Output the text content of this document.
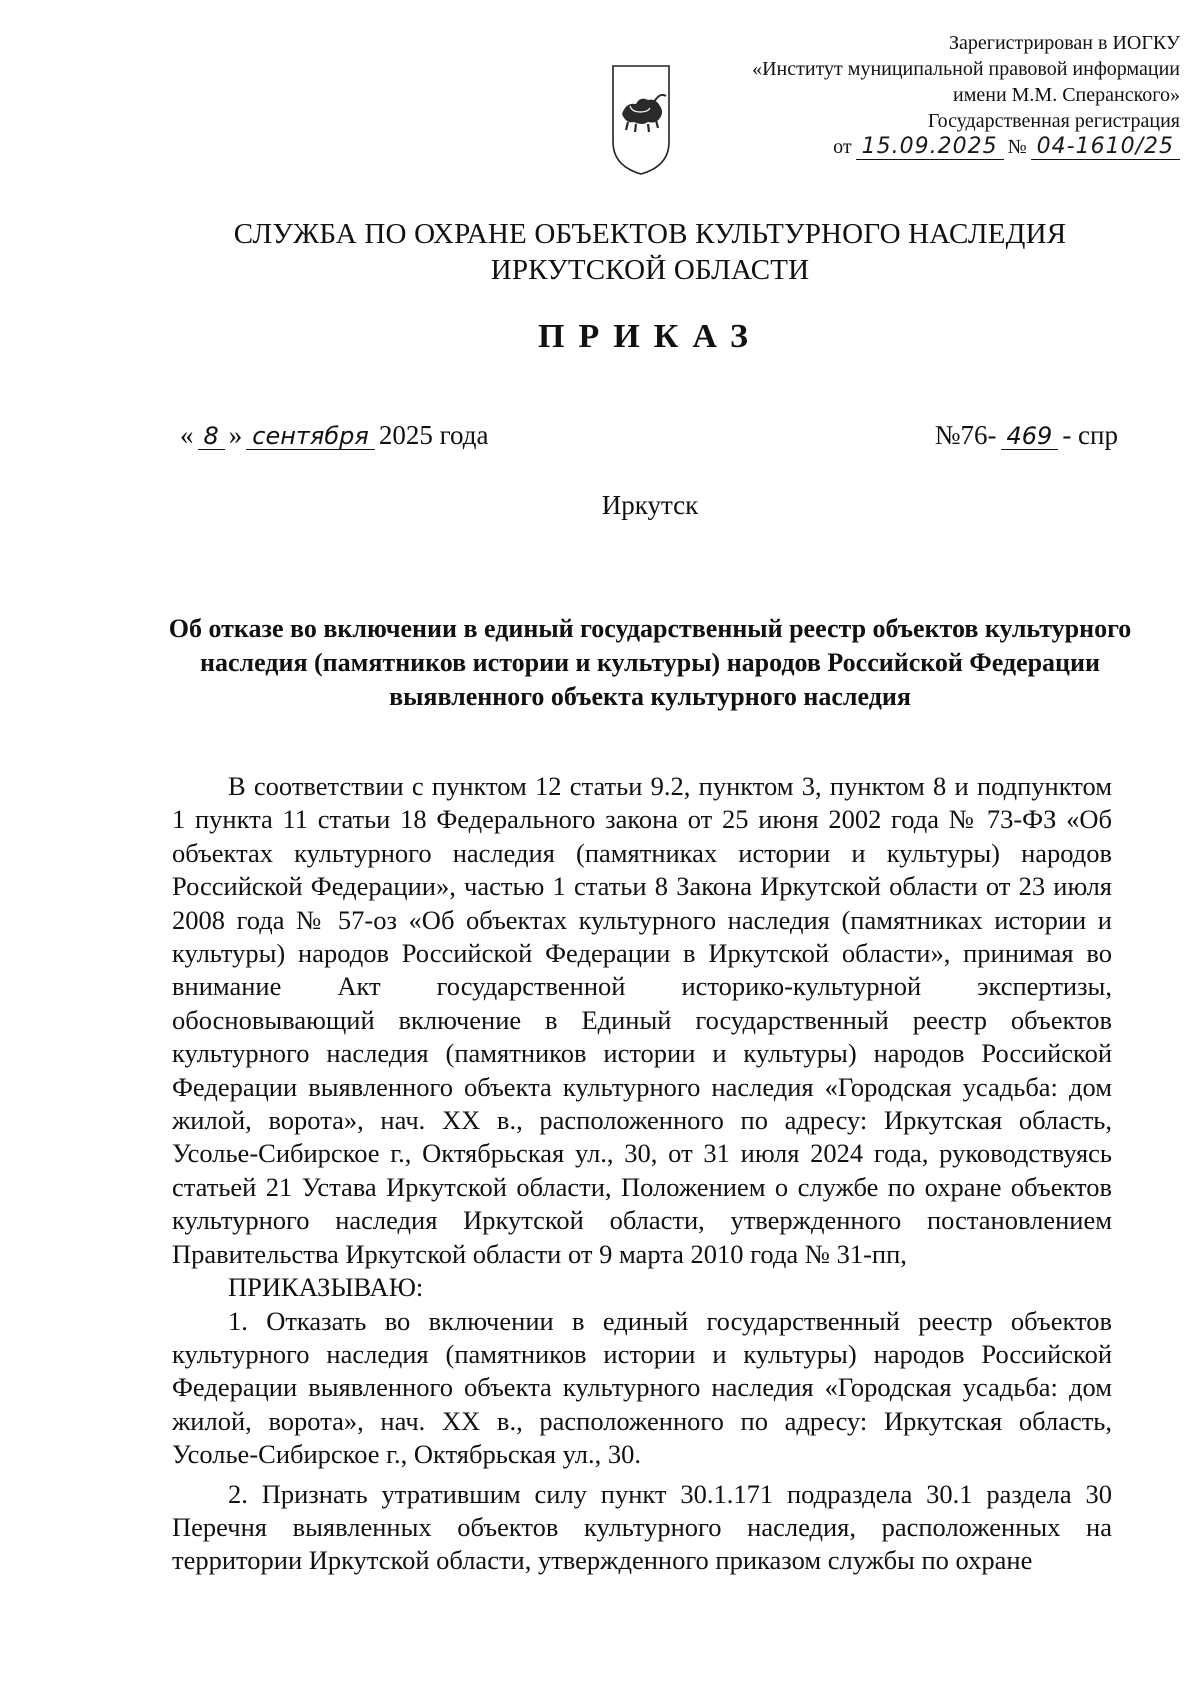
Зарегистрирован в ИОГКУ
«Институт муниципальной правовой информации
имени М.М. Сперанского»
Государственная регистрация
от 15.09.2025 № 04-1610/25
СЛУЖБА ПО ОХРАНЕ ОБЪЕКТОВ КУЛЬТУРНОГО НАСЛЕДИЯ
ИРКУТСКОЙ ОБЛАСТИ
ПРИКАЗ
« 8 » сентября 2025 года	№76- 469 - спр
Иркутск
Об отказе во включении в единый государственный реестр объектов культурного наследия (памятников истории и культуры) народов Российской Федерации выявленного объекта культурного наследия

В соответствии с пунктом 12 статьи 9.2, пунктом 3, пунктом 8 и подпунктом 1 пункта 11 статьи 18 Федерального закона от 25 июня 2002 года № 73-ФЗ «Об объектах культурного наследия (памятниках истории и культуры) народов Российской Федерации», частью 1 статьи 8 Закона Иркутской области от 23 июля 2008 года № 57-оз «Об объектах культурного наследия (памятниках истории и культуры) народов Российской Федерации в Иркутской области», принимая во внимание Акт государственной историко-культурной экспертизы, обосновывающий включение в Единый государственный реестр объектов культурного наследия (памятников истории и культуры) народов Российской Федерации выявленного объекта культурного наследия «Городская усадьба: дом жилой, ворота», нач. XX в., расположенного по адресу: Иркутская область, Усолье-Сибирское г., Октябрьская ул., 30, от 31 июля 2024 года, руководствуясь статьей 21 Устава Иркутской области, Положением о службе по охране объектов культурного наследия Иркутской области, утвержденного постановлением Правительства Иркутской области от 9 марта 2010 года № 31-пп,

ПРИКАЗЫВАЮ:

1. Отказать во включении в единый государственный реестр объектов культурного наследия (памятников истории и культуры) народов Российской Федерации выявленного объекта культурного наследия «Городская усадьба: дом жилой, ворота», нач. XX в., расположенного по адресу: Иркутская область, Усолье-Сибирское г., Октябрьская ул., 30.

2. Признать утратившим силу пункт 30.1.171 подраздела 30.1 раздела 30 Перечня выявленных объектов культурного наследия, расположенных на территории Иркутской области, утвержденного приказом службы по охране
